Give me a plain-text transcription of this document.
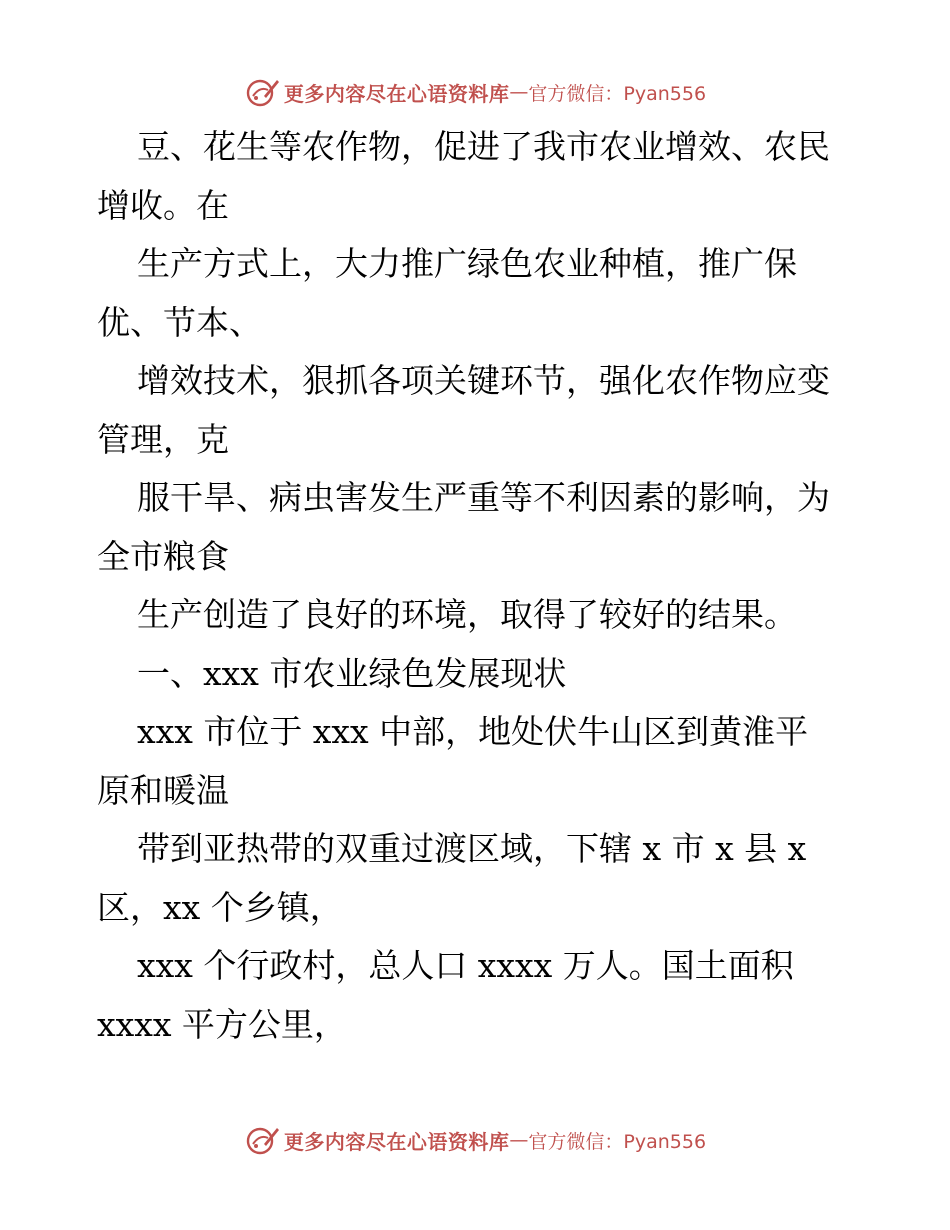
更多内容尽在心语资料库 — 官方微信：Pyan556
豆、花生等农作物，促进了我市农业增效、农民
增收。在
生产方式上，大力推广绿色农业种植，推广保
优、节本、
增效技术，狠抓各项关键环节，强化农作物应变
管理，克
服干旱、病虫害发生严重等不利因素的影响，为
全市粮食
生产创造了良好的环境，取得了较好的结果。
一、xxx 市农业绿色发展现状
xxx 市位于 xxx 中部，地处伏牛山区到黄淮平
原和暖温
带到亚热带的双重过渡区域，下辖 x 市 x 县 x
区，xx 个乡镇，
xxx 个行政村，总人口 xxxx 万人。国土面积
xxxx 平方公里，
更多内容尽在心语资料库 — 官方微信：Pyan556
